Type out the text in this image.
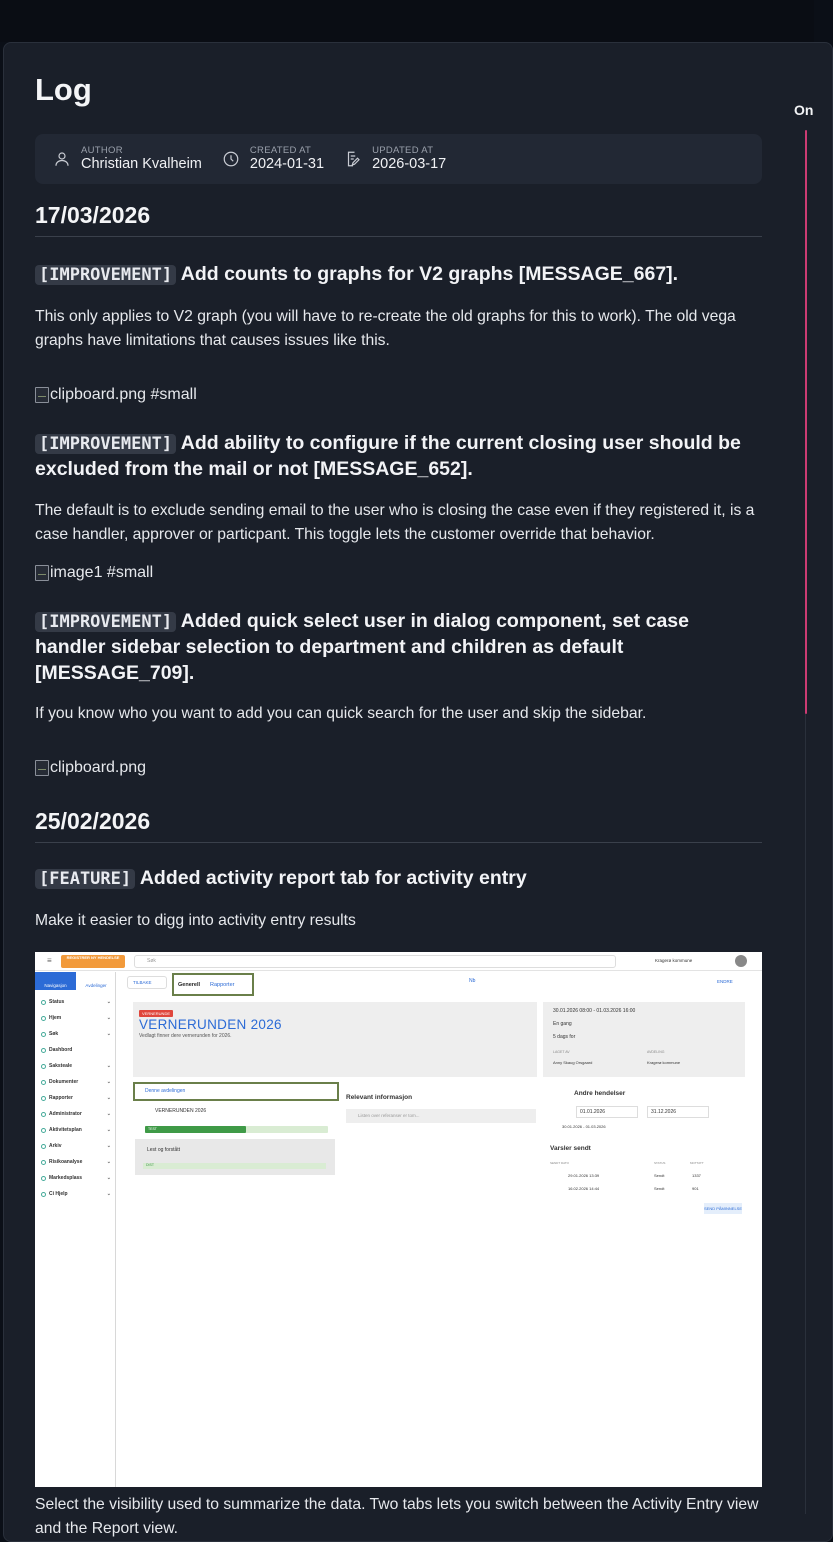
On
Log
AUTHOR
Christian Kvalheim
CREATED AT
2024-01-31
UPDATED AT
2026-03-17
17/03/2026
[IMPROVEMENT] Add counts to graphs for V2 graphs [MESSAGE_667].

This only applies to V2 graph (you will have to re-create the old graphs for this to work). The old vega graphs have limitations that causes issues like this.

clipboard.png #small
[IMPROVEMENT] Add ability to configure if the current closing user should be excluded from the mail or not [MESSAGE_652].

The default is to exclude sending email to the user who is closing the case even if they registered it, is a case handler, approver or particpant. This toggle lets the customer override that behavior.

image1 #small
[IMPROVEMENT] Added quick select user in dialog component, set case handler sidebar selection to department and children as default [MESSAGE_709].

If you know who you want to add you can quick search for the user and skip the sidebar.

clipboard.png
25/02/2026
[FEATURE] Added activity report tab for activity entry

Make it easier to digg into activity entry results

≡	REGISTRER NY HENDELSE
Søk	Kragerø kommune
Navigasjon	Avdelinger
Status	⌄
Hjem	⌄
Søk	⌄
Dashbord
Saksteale	⌄
Dokumenter	⌄
Rapporter	⌄
Administrator	⌄
Aktivitetsplan	⌄
Arkiv	⌄
Risikoanalyse	⌄
Markedsplass	⌄
Ci Hjelp	⌄
TILBAKE	Generell Rapporter
Nb	ENDRE
VERNERUNDE
VERNERUNDEN 2026
Vedlagt finner dere vernerunden for 2026.
30.01.2026 08:00 - 01.03.2026 16:00
En gang
5 dags for
LAGET AV
Anny Skaug Orsgaard
AVDELING
Kragerø kommune
Denne avdelingen
VERNERUNDEN 2026
TEST
Lest og forstått
DIST
Relevant informasjon
Listen over referanser er tom...
Andre hendelser
01.01.2026	31.12.2026
30.01.2026 - 01.03.2026
Varsler sendt
SENDT DATO	STATUS	MOTTATT
29.01.2026 13:39	Sendt	1337
16.02.2026 14:44	Sendt	901
SEND PÅMINNELSE

Select the visibility used to summarize the data. Two tabs lets you switch between the Activity Entry view and the Report view.
